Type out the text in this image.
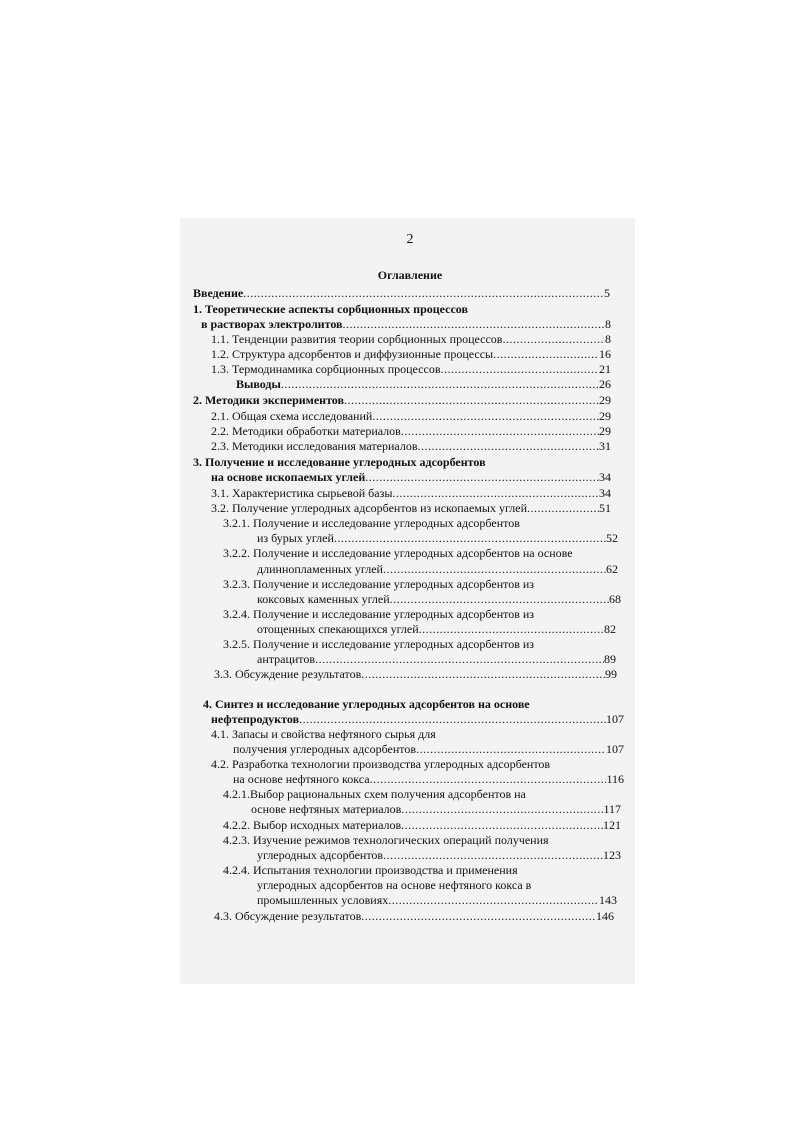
2
Оглавление
Введение .....	5
1. Теоретические аспекты сорбционных процессов
в растворах электролитов .....	8
1.1. Тенденции развития теории сорбционных процессов .....	8
1.2. Структура адсорбентов и диффузионные процессы .....	16
1.3. Термодинамика сорбционных процессов .....	21
Выводы .....	26
2. Методики экспериментов .....	29
2.1. Общая схема исследований .....	29
2.2. Методики обработки материалов .....	29
2.3. Методики исследования материалов .....	31
3. Получение и исследование углеродных адсорбентов
на основе ископаемых углей .....	34
3.1. Характеристика сырьевой базы .....	34
3.2. Получение углеродных адсорбентов из ископаемых углей .....	51
3.2.1. Получение и исследование углеродных адсорбентов
из бурых углей .....	52
3.2.2. Получение и исследование углеродных адсорбентов на основе
длиннопламенных углей .....	62
3.2.3. Получение и исследование углеродных адсорбентов из
коксовых каменных углей .....	68
3.2.4. Получение и исследование углеродных адсорбентов из
отощенных спекающихся углей .....	82
3.2.5. Получение и исследование углеродных адсорбентов из
антрацитов .....	89
3.3. Обсуждение результатов .....	99
4. Синтез и исследование углеродных адсорбентов на основе
нефтепродуктов .....	107
4.1. Запасы и свойства нефтяного сырья для
получения углеродных адсорбентов .....	107
4.2. Разработка технологии производства углеродных адсорбентов
на основе нефтяного кокса .....	116
4.2.1.Выбор рациональных схем получения адсорбентов на
основе нефтяных материалов .....	117
4.2.2. Выбор исходных материалов .....	121
4.2.3. Изучение режимов технологических операций получения
углеродных адсорбентов .....	123
4.2.4. Испытания технологии производства и применения
углеродных адсорбентов на основе нефтяного кокса в
промышленных условиях .....	143
4.3. Обсуждение результатов .....	146
